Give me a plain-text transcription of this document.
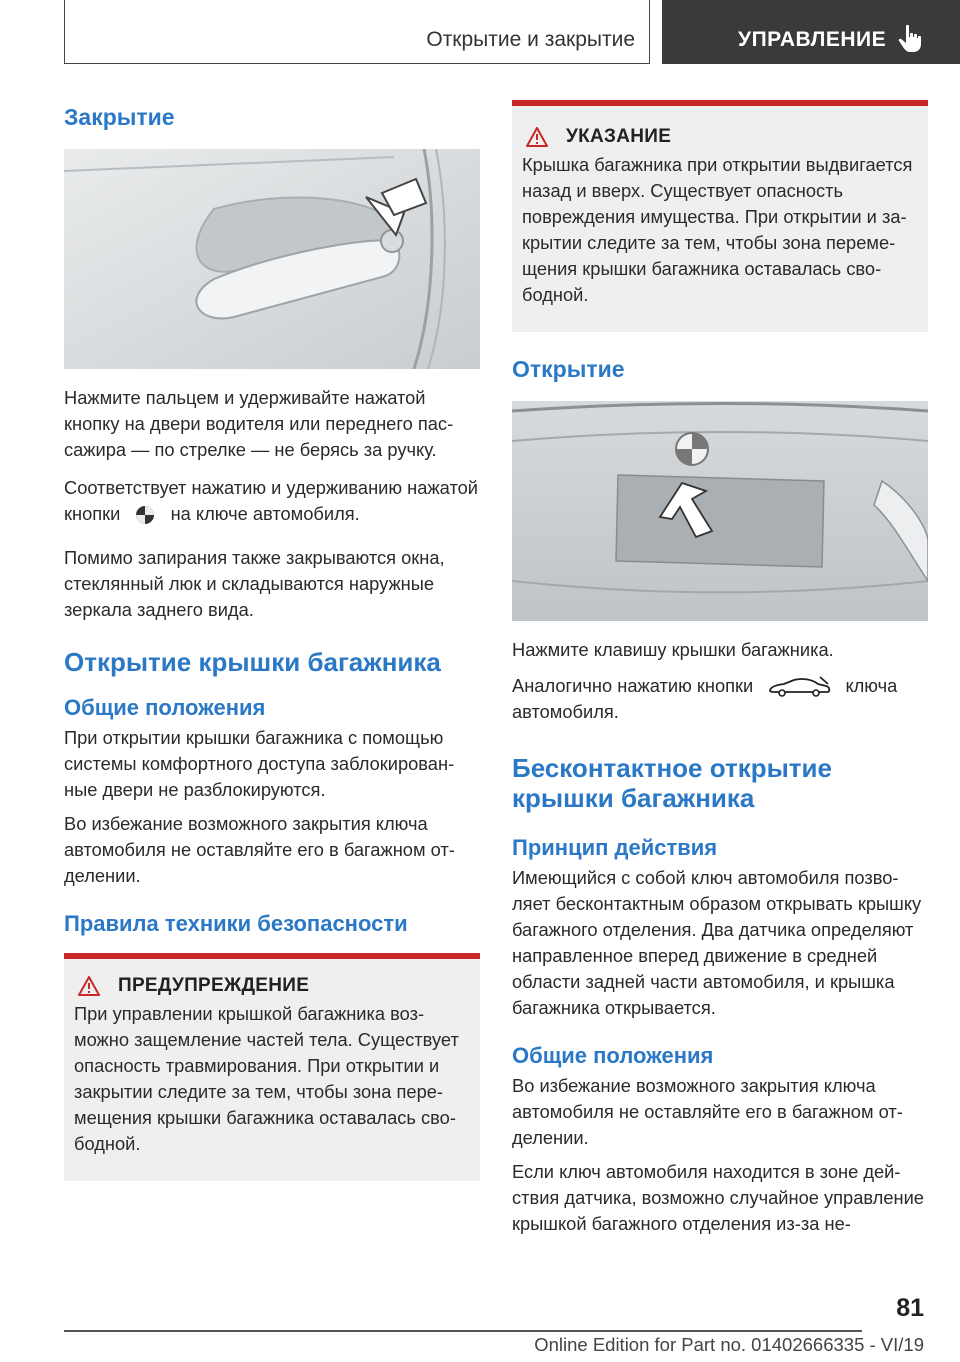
Открытие и закрытие	УПРАВЛЕНИЕ
Закрытие

Нажмите пальцем и удерживайте нажатой кнопку на двери водителя или переднего пассажира — по стрелке — не берясь за ручку.

Соответствует нажатию и удерживанию нажатой кнопки	на ключе автомобиля.

Помимо запирания также закрываются окна, стеклянный люк и складываются наружные зеркала заднего вида.

Открытие крышки багажника
Общие положения

При открытии крышки багажника с помощью системы комфортного доступа заблокированные двери не разблокируются.

Во избежание возможного закрытия ключа автомобиля не оставляйте его в багажном отделении.

Правила техники безопасности
ПРЕДУПРЕЖДЕНИЕ

При управлении крышкой багажника возможно защемление частей тела. Существует опасность травмирования. При открытии и закрытии следите за тем, чтобы зона перемещения крышки багажника оставалась свободной.

УКАЗАНИЕ

Крышка багажника при открытии выдвигается назад и вверх. Существует опасность повреждения имущества. При открытии и закрытии следите за тем, чтобы зона перемещения крышки багажника оставалась свободной.

Открытие

Нажмите клавишу крышки багажника.

Аналогично нажатию кнопки	ключа автомобиля.

Бесконтактное открытие крышки багажника
Принцип действия

Имеющийся с собой ключ автомобиля позволяет бесконтактным образом открывать крышку багажного отделения. Два датчика определяют направленное вперед движение в средней области задней части автомобиля, и крышка багажника открывается.

Общие положения

Во избежание возможного закрытия ключа автомобиля не оставляйте его в багажном отделении.

Если ключ автомобиля находится в зоне действия датчика, возможно случайное управление крышкой багажного отделения из-за не-

81
Online Edition for Part no. 01402666335 - VI/19
